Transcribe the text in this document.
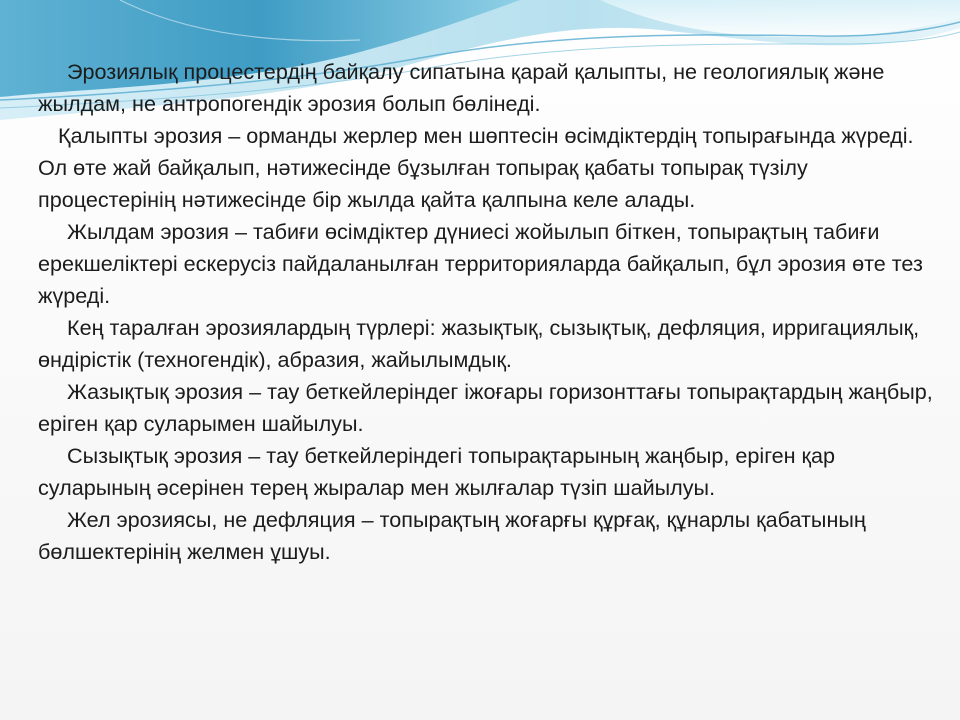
Эрозиялық процестердің байқалу сипатына қарай қалыпты, не геологиялық және жылдам, не антропогендік эрозия болып бөлінеді.

Қалыпты эрозия – орманды жерлер мен шөптесін өсімдіктердің топырағында жүреді. Ол өте жай байқалып, нәтижесінде бұзылған топырақ қабаты топырақ түзілу процестерінің нәтижесінде бір жылда қайта қалпына келе алады.

Жылдам эрозия – табиғи өсімдіктер дүниесі жойылып біткен, топырақтың табиғи ерекшеліктері ескерусіз пайдаланылған территорияларда байқалып, бұл эрозия өте тез жүреді.

Кең таралған эрозиялардың түрлері: жазықтық, сызықтық, дефляция, ирригациялық, өндірістік (техногендік), абразия, жайылымдық.

Жазықтық эрозия – тау беткейлеріндег іжоғары горизонттағы топырақтардың жаңбыр, еріген қар суларымен шайылуы.

Сызықтық эрозия – тау беткейлеріндегі топырақтарының жаңбыр, еріген қар суларының әсерінен терең жыралар мен жылғалар түзіп шайылуы.

Жел эрозиясы, не дефляция – топырақтың жоғарғы құрғақ, құнарлы қабатының бөлшектерінің желмен ұшуы.
